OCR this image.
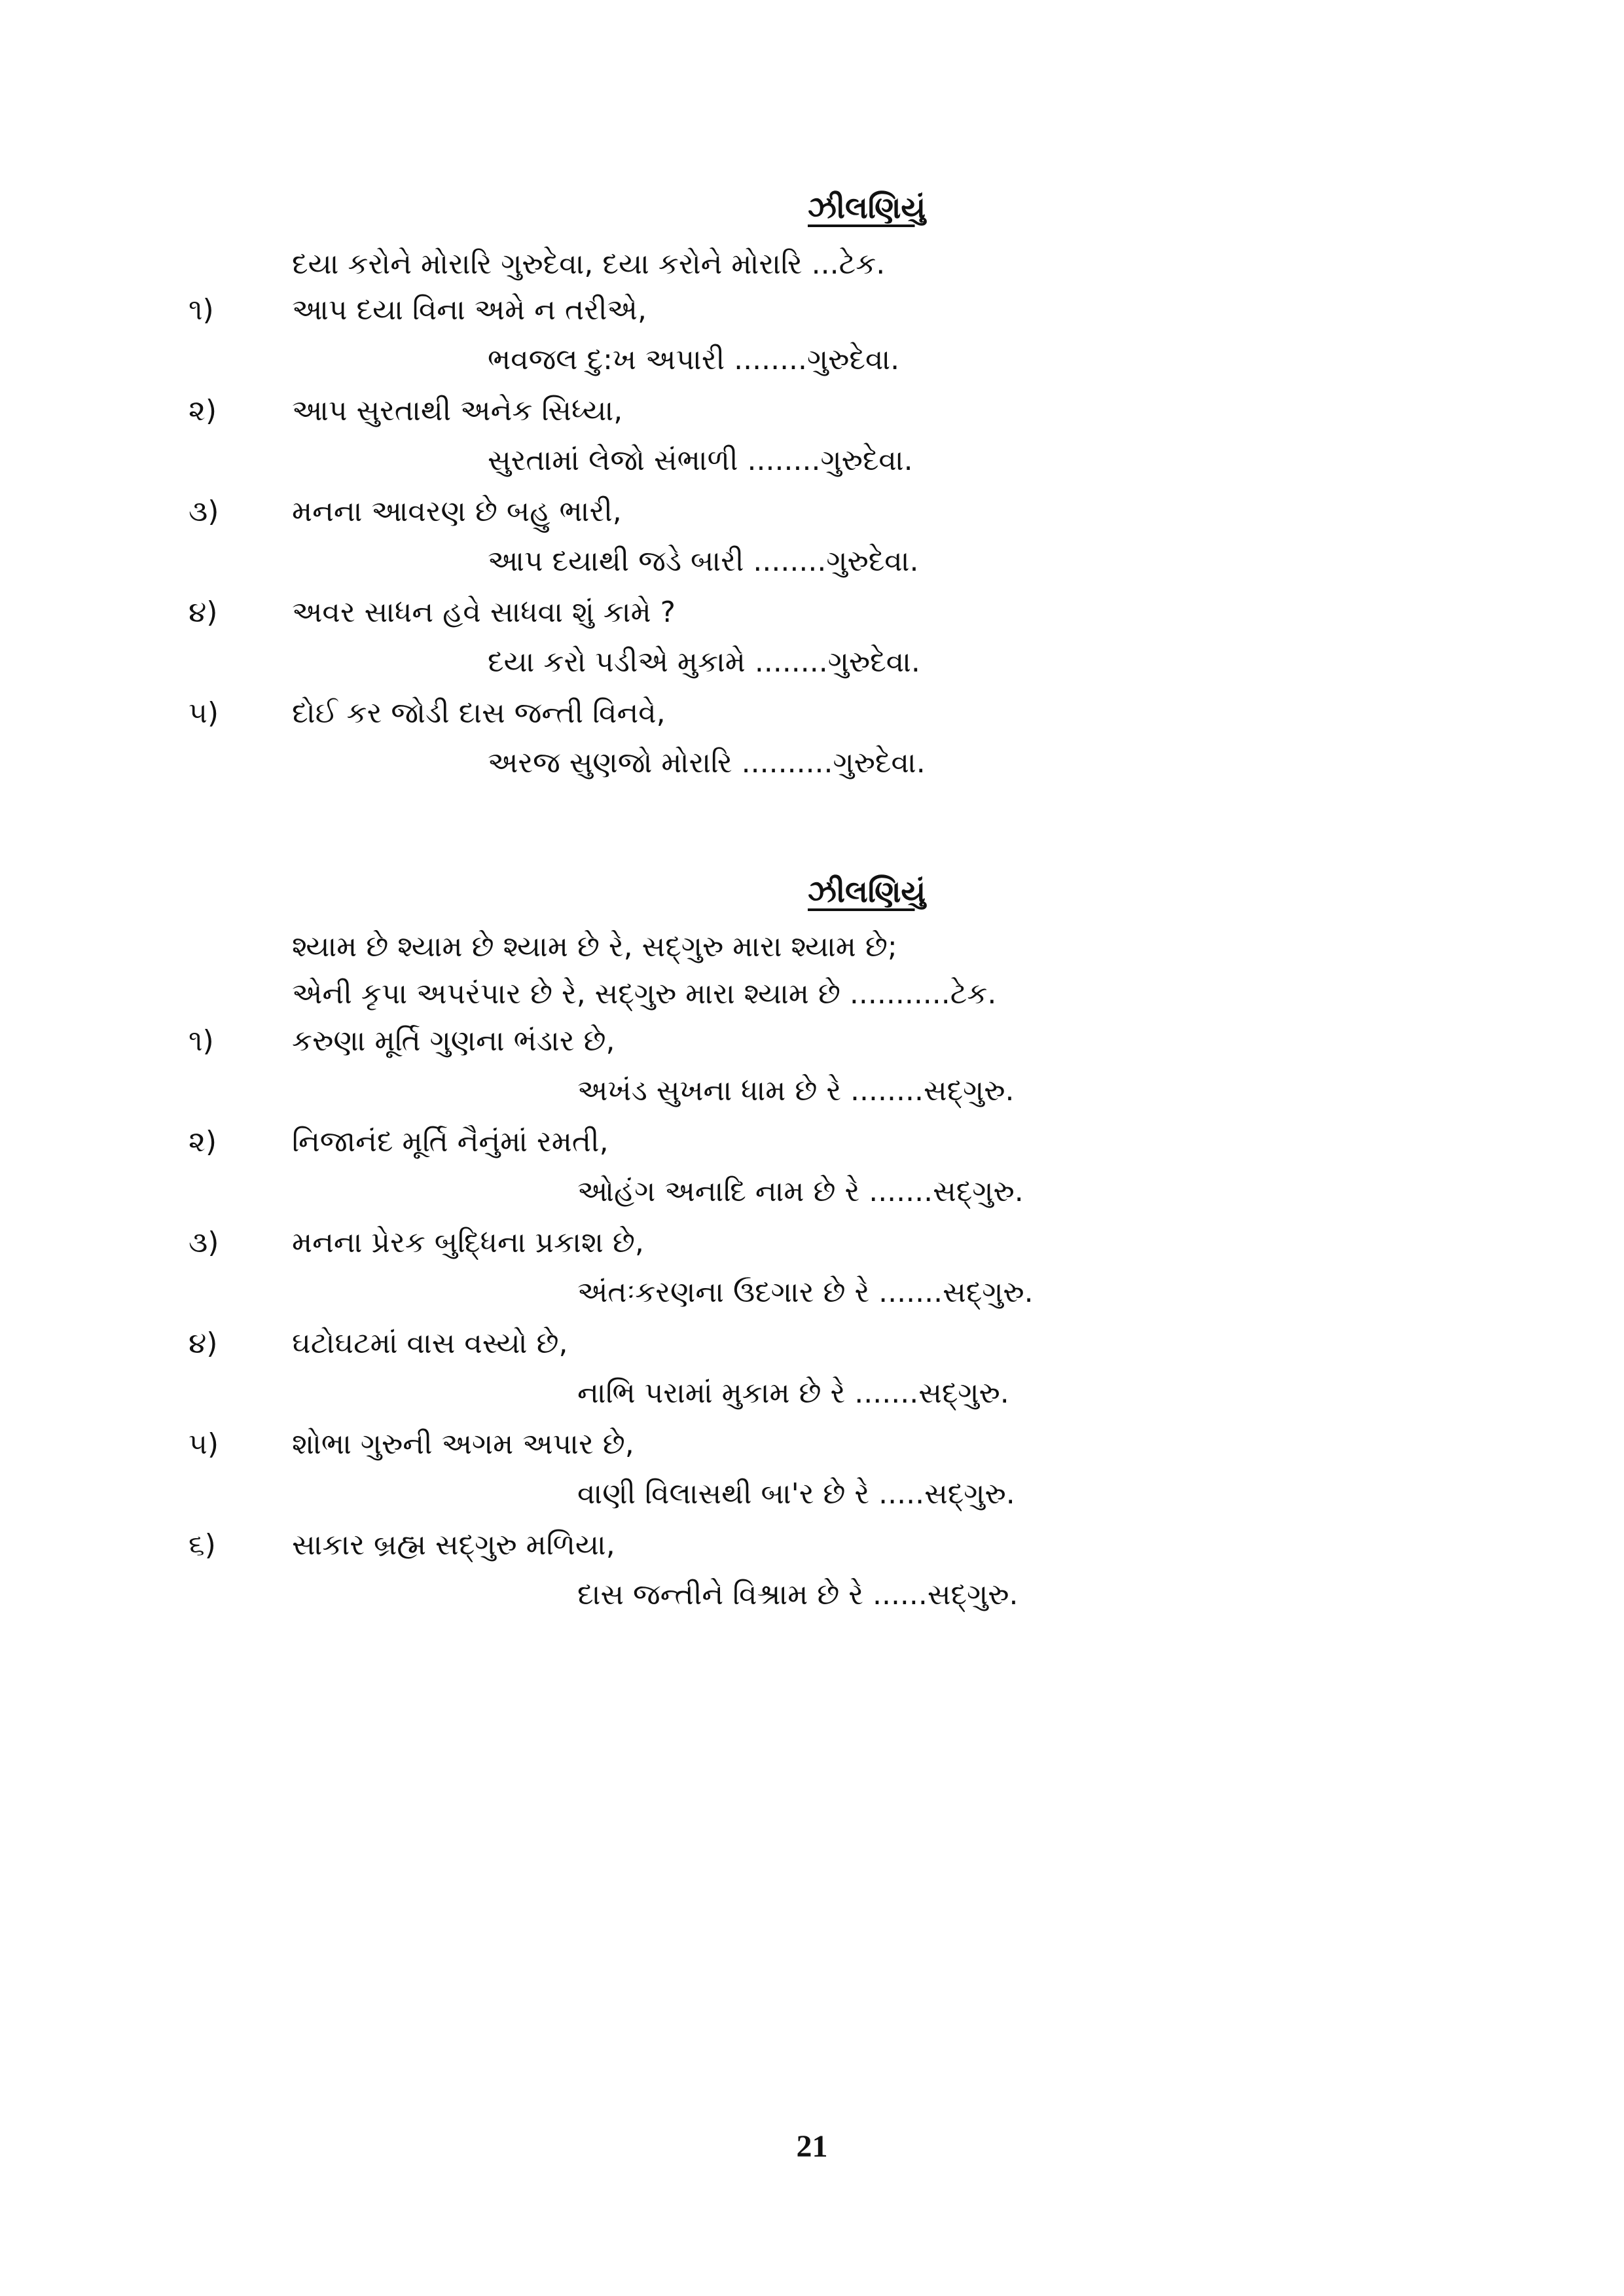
ઝીલણિયું
દયા કરોને મોરારિ ગુરુદેવા, દયા કરોને મોરારિ ...ટેક.
૧)	આપ દયા વિના અમે ન તરીએ,
ભવજલ દુ:ખ અપારી ........ગુરુદેવા.
૨)	આપ સુરતાથી અનેક સિધ્યા,
સુરતામાં લેજો સંભાળી ........ગુરુદેવા.
૩)	મનના આવરણ છે બહુ ભારી,
આપ દયાથી જડે બારી ........ગુરુદેવા.
૪)	અવર સાધન હવે સાધવા શું કામે ?
દયા કરો પડીએ મુકામે ........ગુરુદેવા.
૫)	દોઈ કર જોડી દાસ જન્તી વિનવે,
અરજ સુણજો મોરારિ ..........ગુરુદેવા.
ઝીલણિયું
શ્યામ છે શ્યામ છે શ્યામ છે રે, સદ્‌ગુરુ મારા શ્યામ છે;
એની કૃપા અપરંપાર છે રે, સદ્‌ગુરુ મારા શ્યામ છે ...........ટેક.
૧)	કરુણા મૂર્તિ ગુણના ભંડાર છે,
અખંડ સુખના ધામ છે રે ........સદ્‌ગુરુ.
૨)	નિજાનંદ મૂર્તિ નૈનુંમાં રમતી,
ઓહંગ અનાદિ નામ છે રે .......સદ્‌ગુરુ.
૩)	મનના પ્રેરક બુદ્ધિના પ્રકાશ છે,
અંતઃકરણના ઉદગાર છે રે .......સદ્‌ગુરુ.
૪)	ઘટોઘટમાં વાસ વસ્યો છે,
નાભિ પરામાં મુકામ છે રે .......સદ્‌ગુરુ.
૫)	શોભા ગુરુની અગમ અપાર છે,
વાણી વિલાસથી બા'ર છે રે .....સદ્‌ગુરુ.
૬)	સાકાર બ્રહ્મ સદ્‌ગુરુ મળિયા,
દાસ જન્તીને વિશ્રામ છે રે ......સદ્‌ગુરુ.
21
